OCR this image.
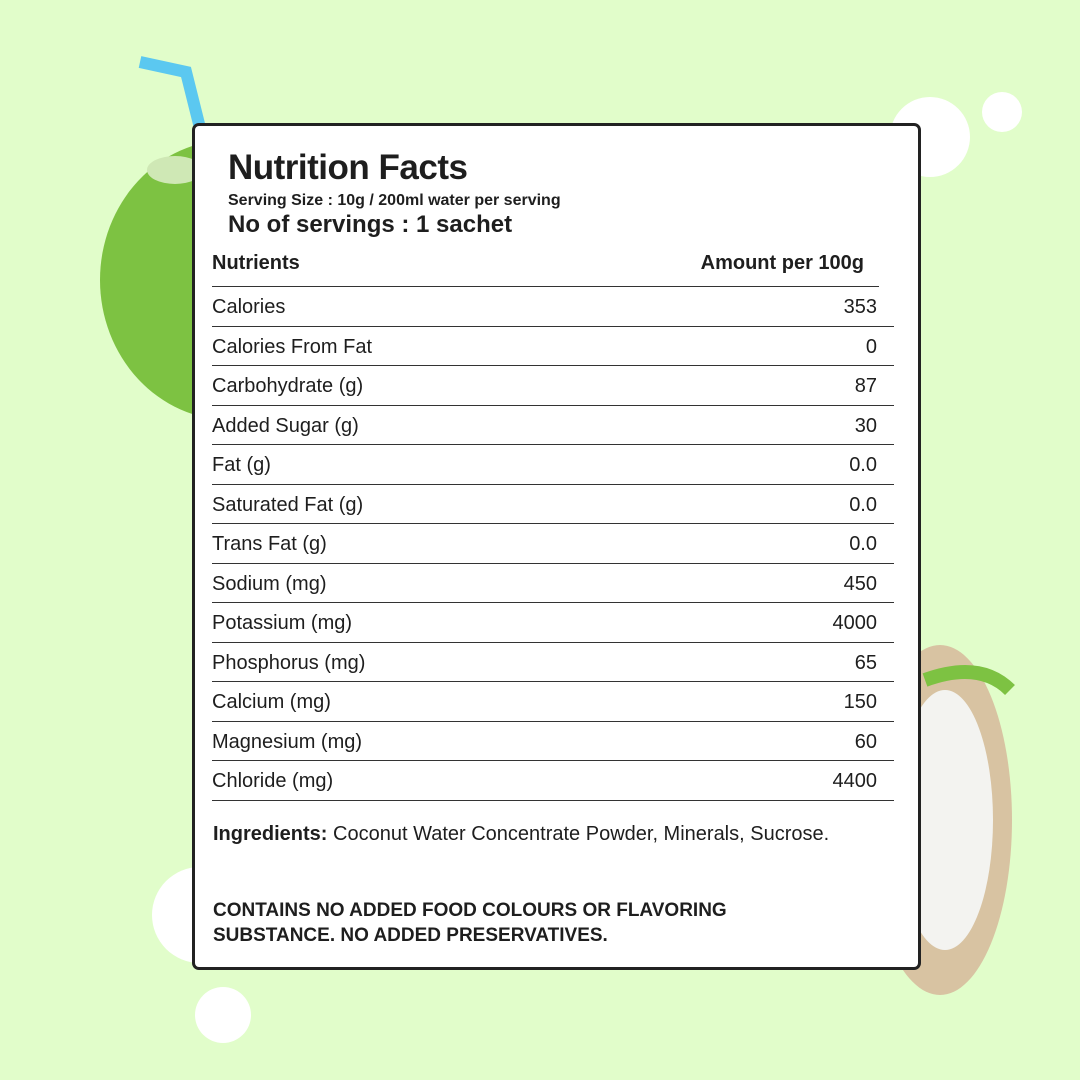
Nutrition Facts
Serving Size : 10g / 200ml water per serving
No of servings : 1 sachet
Nutrients	Amount per 100g
Calories	353
Calories From Fat	0
Carbohydrate (g)	87
Added Sugar (g)	30
Fat (g)	0.0
Saturated Fat (g)	0.0
Trans Fat (g)	0.0
Sodium (mg)	450
Potassium (mg)	4000
Phosphorus (mg)	65
Calcium (mg)	150
Magnesium (mg)	60
Chloride (mg)	4400
Ingredients: Coconut Water Concentrate Powder, Minerals, Sucrose.
CONTAINS NO ADDED FOOD COLOURS OR FLAVORING SUBSTANCE. NO ADDED PRESERVATIVES.
